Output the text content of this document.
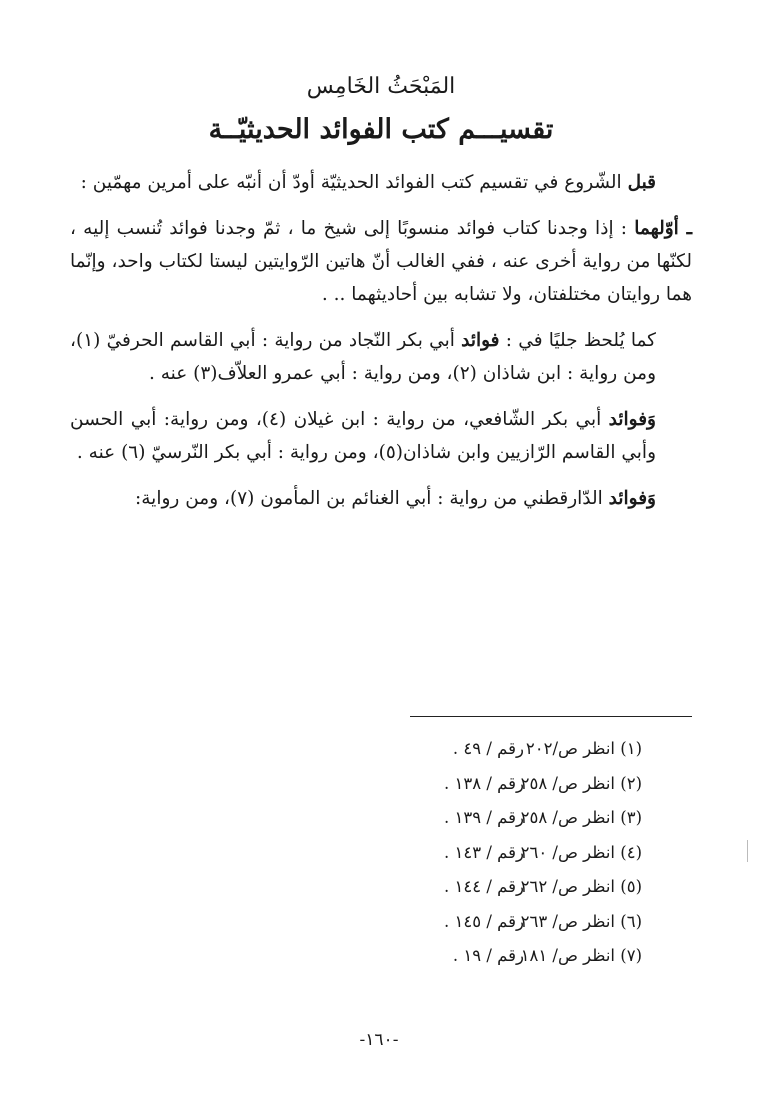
المَبْحَثُ الخَامِس
تقسيـــم كتب الفوائد الحديثيّــة

قبل الشّروع في تقسيم كتب الفوائد الحديثيّة أودّ أن أنبّه على أمرين مهمّين :

ـ أوّلهما : إذا وجدنا كتاب فوائد منسوبًا إلى شيخ ما ، ثمّ وجدنا فوائد تُنسب إليه ، لكنّها من رواية أخرى عنه ، ففي الغالب أنّ هاتين الرّوايتين ليستا لكتاب واحد، وإنّما هما روايتان مختلفتان، ولا تشابه بين أحاديثهما .. .

كما يُلحظ جليًا في : فوائد أبي بكر النّجاد من رواية : أبي القاسم الحرفيّ (١)، ومن رواية : ابن شاذان (٢)، ومن رواية : أبي عمرو العلاّف(٣) عنه .

وَفوائد أبي بكر الشّافعي، من رواية : ابن غيلان (٤)، ومن رواية: أبي الحسن وأبي القاسم الرّازيين وابن شاذان(٥)، ومن رواية : أبي بكر النّرسيّ (٦) عنه .

وَفوائد الدّارقطني من رواية : أبي الغنائم بن المأمون (٧)، ومن رواية:

(١) انظر ص/٢٠٢
رقم / ٤٩ .
(٢) انظر ص/ ٢٥٨
رقم / ١٣٨ .
(٣) انظر ص/ ٢٥٨
رقم / ١٣٩ .
(٤) انظر ص/ ٢٦٠
رقم / ١٤٣ .
(٥) انظر ص/ ٢٦٢
رقم / ١٤٤ .
(٦) انظر ص/ ٢٦٣
رقم / ١٤٥ .
(٧) انظر ص/ ١٨١
رقم / ١٩ .
-١٦٠-
